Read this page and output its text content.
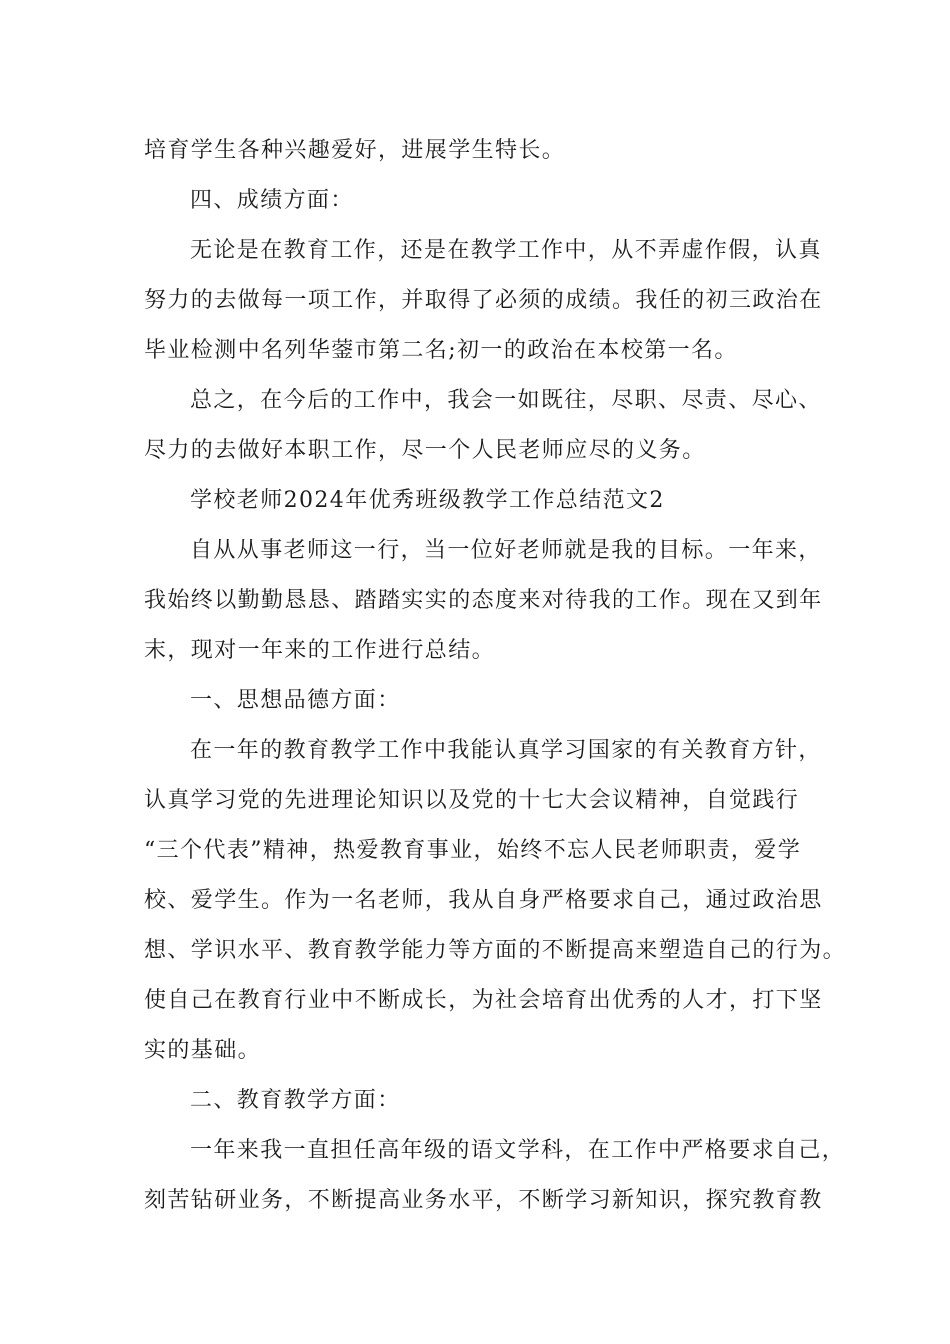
培育学生各种兴趣爱好，进展学生特长。
四、成绩方面：
无论是在教育工作，还是在教学工作中，从不弄虚作假，认真
努力的去做每一项工作，并取得了必须的成绩。我任的初三政治在
毕业检测中名列华蓥市第二名;初一的政治在本校第一名。
总之，在今后的工作中，我会一如既往，尽职、尽责、尽心、
尽力的去做好本职工作，尽一个人民老师应尽的义务。
学校老师2024年优秀班级教学工作总结范文2
自从从事老师这一行，当一位好老师就是我的目标。一年来，
我始终以勤勤恳恳、踏踏实实的态度来对待我的工作。现在又到年
末，现对一年来的工作进行总结。
一、思想品德方面：
在一年的教育教学工作中我能认真学习国家的有关教育方针，
认真学习党的先进理论知识以及党的十七大会议精神，自觉践行
“三个代表”精神，热爱教育事业，始终不忘人民老师职责，爱学
校、爱学生。作为一名老师，我从自身严格要求自己，通过政治思
想、学识水平、教育教学能力等方面的不断提高来塑造自己的行为。
使自己在教育行业中不断成长，为社会培育出优秀的人才，打下坚
实的基础。
二、教育教学方面：
一年来我一直担任高年级的语文学科，在工作中严格要求自己，
刻苦钻研业务，不断提高业务水平，不断学习新知识，探究教育教
